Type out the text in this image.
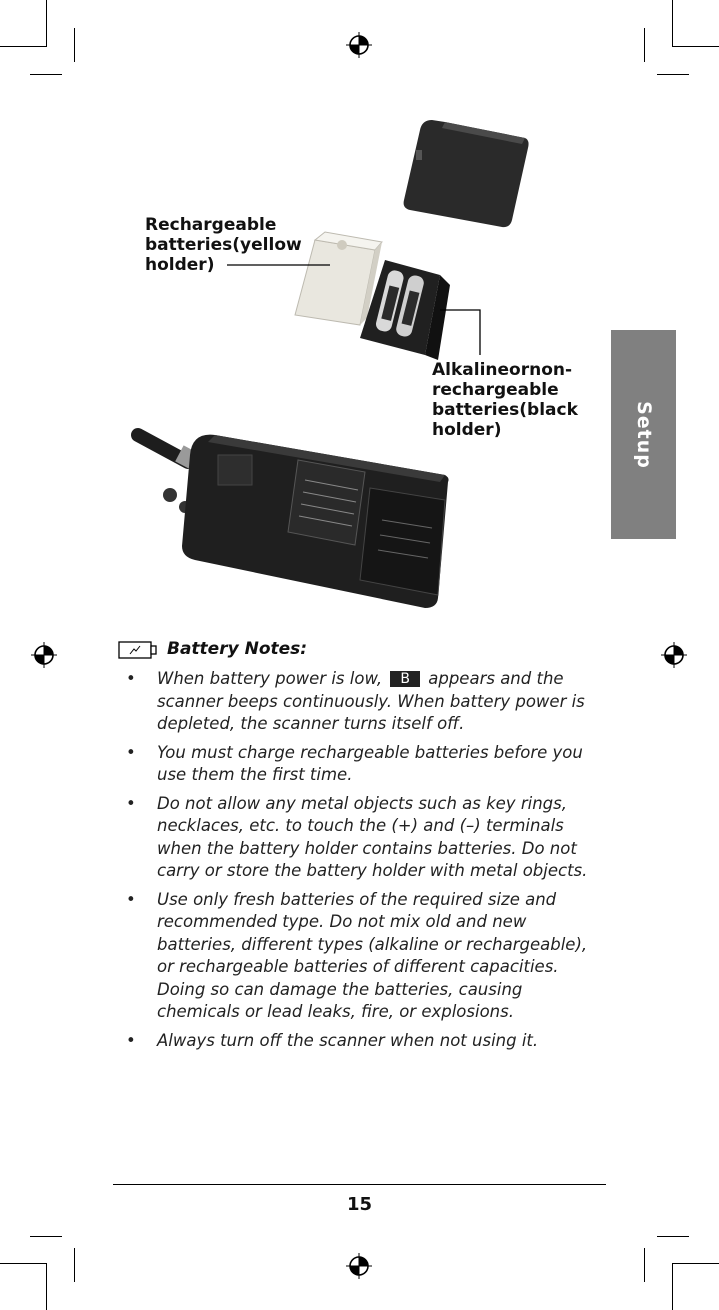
Setup
Rechargeable
batteries(yellow
holder)
Alkalineornon-
rechargeable
batteries(black
holder)
Battery Notes:
• When battery power is low, B appears and the scanner beeps continuously. When battery power is depleted, the scanner turns itself off.
• You must charge rechargeable batteries before you use them the first time.
• Do not allow any metal objects such as key rings, necklaces, etc. to touch the (+) and (–) terminals when the battery holder contains batteries. Do not carry or store the battery holder with metal objects.
• Use only fresh batteries of the required size and recommended type. Do not mix old and new batteries, different types (alkaline or rechargeable), or rechargeable batteries of different capacities. Doing so can damage the batteries, causing chemicals or lead leaks, fire, or explosions.
• Always turn off the scanner when not using it.
15
